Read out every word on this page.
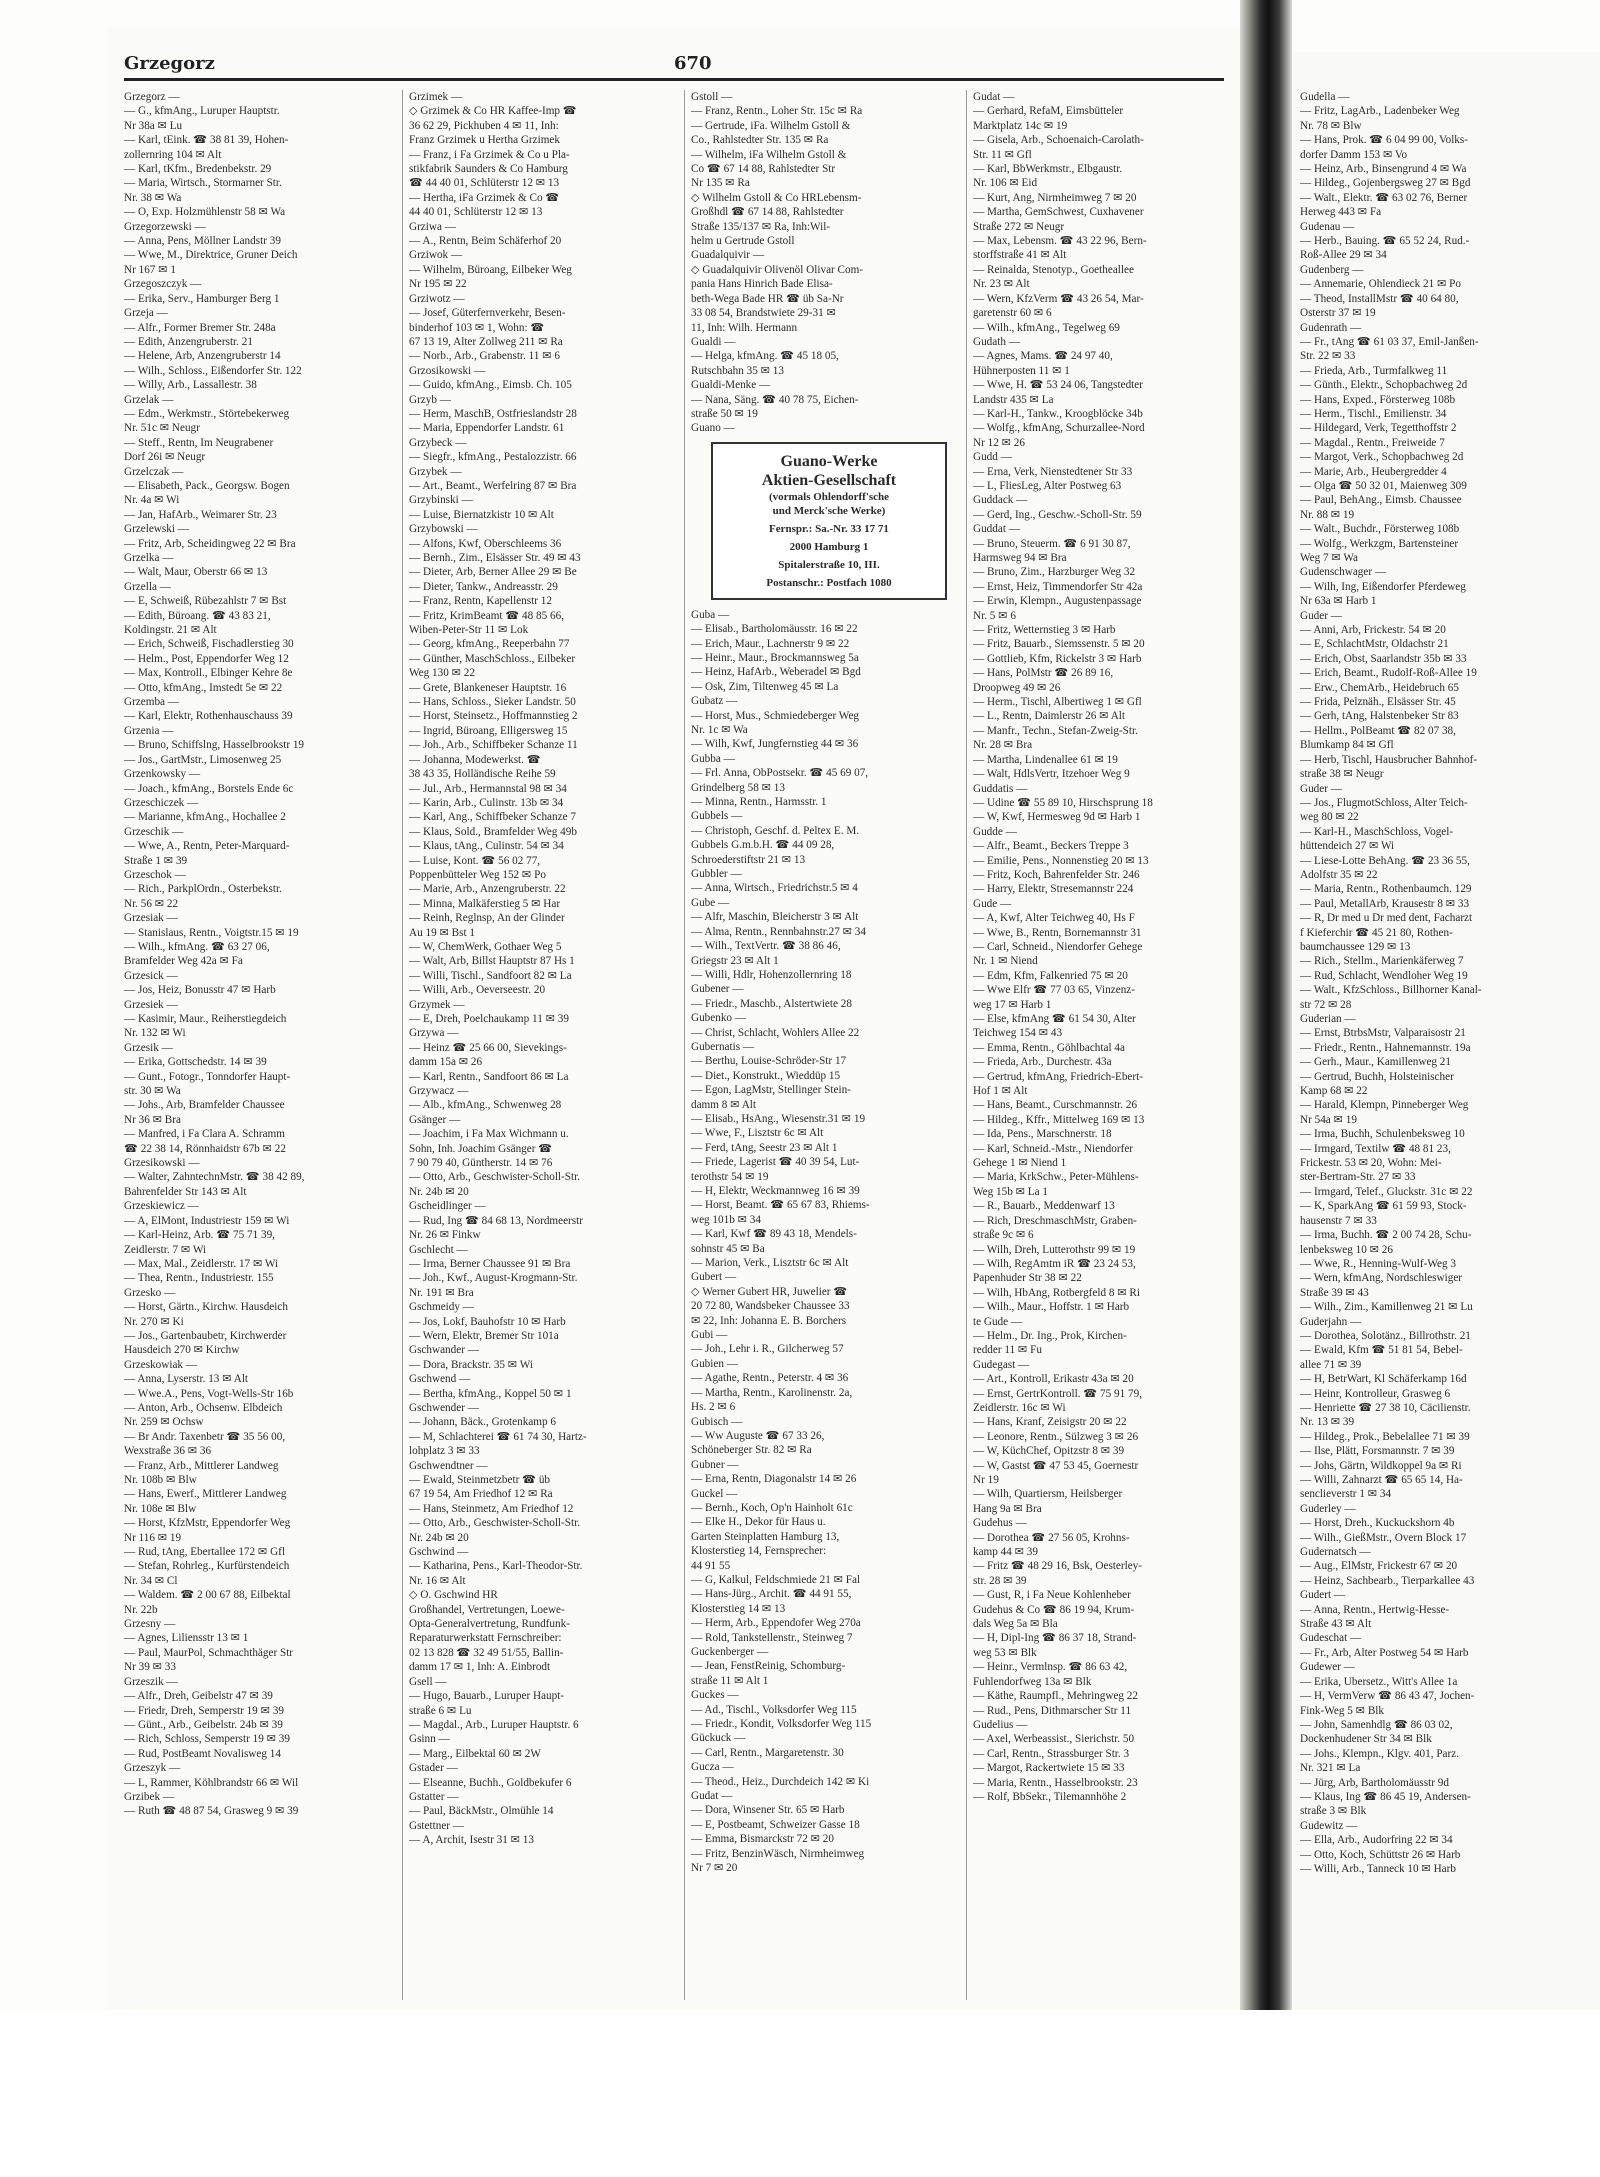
Grzegorz	670
Grzegorz —
— G., kfmAng., Luruper Hauptstr.
Nr 38a ✉ Lu
— Karl, tEink. ☎ 38 81 39, Hohen-
zollernring 104 ✉ Alt
— Karl, tKfm., Bredenbekstr. 29
— Maria, Wirtsch., Stormarner Str.
Nr. 38 ✉ Wa
— O, Exp. Holzmühlenstr 58 ✉ Wa
Grzegorzewski —
— Anna, Pens, Möllner Landstr 39
— Wwe, M., Direktrice, Gruner Deich
Nr 167 ✉ 1
Grzegoszczyk —
— Erika, Serv., Hamburger Berg 1
Grzeja —
— Alfr., Former Bremer Str. 248a
— Edith, Anzengruberstr. 21
— Helene, Arb, Anzengruberstr 14
— Wilh., Schloss., Eißendorfer Str. 122
— Willy, Arb., Lassallestr. 38
Grzelak —
— Edm., Werkmstr., Störtebekerweg
Nr. 51c ✉ Neugr
— Steff., Rentn, Im Neugrabener
Dorf 26i ✉ Neugr
Grzelczak —
— Elisabeth, Pack., Georgsw. Bogen
Nr. 4a ✉ Wi
— Jan, HafArb., Weimarer Str. 23
Grzelewski —
— Fritz, Arb, Scheidingweg 22 ✉ Bra
Grzelka —
— Walt, Maur, Oberstr 66 ✉ 13
Grzella —
— E, Schweiß, Rübezahlstr 7 ✉ Bst
— Edith, Büroang. ☎ 43 83 21,
Koldingstr. 21 ✉ Alt
— Erich, Schweiß, Fischadlerstieg 30
— Helm., Post, Eppendorfer Weg 12
— Max, Kontroll., Elbinger Kehre 8e
— Otto, kfmAng., Imstedt 5e ✉ 22
Grzemba —
— Karl, Elektr, Rothenhauschauss 39
Grzenia —
— Bruno, Schiffslng, Hasselbrookstr 19
— Jos., GartMstr., Limosenweg 25
Grzenkowsky —
— Joach., kfmAng., Borstels Ende 6c
Grzeschiczek —
— Marianne, kfmAng., Hochallee 2
Grzeschik —
— Wwe, A., Rentn, Peter-Marquard-
Straße 1 ✉ 39
Grzeschok —
— Rich., ParkplOrdn., Osterbekstr.
Nr. 56 ✉ 22
Grzesiak —
— Stanislaus, Rentn., Voigtstr.15 ✉ 19
— Wilh., kfmAng. ☎ 63 27 06,
Bramfelder Weg 42a ✉ Fa
Grzesick —
— Jos, Heiz, Bonusstr 47 ✉ Harb
Grzesiek —
— Kasimir, Maur., Reiherstiegdeich
Nr. 132 ✉ Wi
Grzesik —
— Erika, Gottschedstr. 14 ✉ 39
— Gunt., Fotogr., Tonndorfer Haupt-
str. 30 ✉ Wa
— Johs., Arb, Bramfelder Chaussee
Nr 36 ✉ Bra
— Manfred, i Fa Clara A. Schramm
☎ 22 38 14, Rönnhaidstr 67b ✉ 22
Grzesikowski —
— Walter, ZahntechnMstr. ☎ 38 42 89,
Bahrenfelder Str 143 ✉ Alt
Grzeskiewicz —
— A, ElMont, Industriestr 159 ✉ Wi
— Karl-Heinz, Arb. ☎ 75 71 39,
Zeidlerstr. 7 ✉ Wi
— Max, Mal., Zeidlerstr. 17 ✉ Wi
— Thea, Rentn., Industriestr. 155
Grzesko —
— Horst, Gärtn., Kirchw. Hausdeich
Nr. 270 ✉ Ki
— Jos., Gartenbaubetr, Kirchwerder
Hausdeich 270 ✉ Kirchw
Grzeskowiak —
— Anna, Lyserstr. 13 ✉ Alt
— Wwe.A., Pens, Vogt-Wells-Str 16b
— Anton, Arb., Ochsenw. Elbdeich
Nr. 259 ✉ Ochsw
— Br Andr. Taxenbetr ☎ 35 56 00,
Wexstraße 36 ✉ 36
— Franz, Arb., Mittlerer Landweg
Nr. 108b ✉ Blw
— Hans, Ewerf., Mittlerer Landweg
Nr. 108e ✉ Blw
— Horst, KfzMstr, Eppendorfer Weg
Nr 116 ✉ 19
— Rud, tAng, Ebertallee 172 ✉ Gfl
— Stefan, Rohrleg., Kurfürstendeich
Nr. 34 ✉ Cl
— Waldem. ☎ 2 00 67 88, Eilbektal
Nr. 22b
Grzesny —
— Agnes, Liliensstr 13 ✉ 1
— Paul, MaurPol, Schmachthäger Str
Nr 39 ✉ 33
Grzeszik —
— Alfr., Dreh, Geibelstr 47 ✉ 39
— Friedr, Dreh, Semperstr 19 ✉ 39
— Günt., Arb., Geibelstr. 24b ✉ 39
— Rich, Schloss, Semperstr 19 ✉ 39
— Rud, PostBeamt Novalisweg 14
Grzeszyk —
— L, Rammer, Köhlbrandstr 66 ✉ Wil
Grzibek —
— Ruth ☎ 48 87 54, Grasweg 9 ✉ 39
Grzimek —
◇ Grzimek & Co HR Kaffee-Imp ☎
36 62 29, Pickhuben 4 ✉ 11, Inh:
Franz Grzimek u Hertha Grzimek
— Franz, i Fa Grzimek & Co u Pla-
stikfabrik Saunders & Co Hamburg
☎ 44 40 01, Schlüterstr 12 ✉ 13
— Hertha, iFa Grzimek & Co ☎
44 40 01, Schlüterstr 12 ✉ 13
Grziwa —
— A., Rentn, Beim Schäferhof 20
Grziwok —
— Wilhelm, Büroang, Eilbeker Weg
Nr 195 ✉ 22
Grziwotz —
— Josef, Güterfernverkehr, Besen-
binderhof 103 ✉ 1, Wohn: ☎
67 13 19, Alter Zollweg 211 ✉ Ra
— Norb., Arb., Grabenstr. 11 ✉ 6
Grzosikowski —
— Guido, kfmAng., Eimsb. Ch. 105
Grzyb —
— Herm, MaschB, Ostfrieslandstr 28
— Maria, Eppendorfer Landstr. 61
Grzybeck —
— Siegfr., kfmAng., Pestalozzistr. 66
Grzybek —
— Art., Beamt., Werfelring 87 ✉ Bra
Grzybinski —
— Luise, Biernatzkistr 10 ✉ Alt
Grzybowski —
— Alfons, Kwf, Oberschleems 36
— Bernh., Zim., Elsässer Str. 49 ✉ 43
— Dieter, Arb, Berner Allee 29 ✉ Be
— Dieter, Tankw., Andreasstr. 29
— Franz, Rentn, Kapellenstr 12
— Fritz, KrimBeamt ☎ 48 85 66,
Wiben-Peter-Str 11 ✉ Lok
— Georg, kfmAng., Reeperbahn 77
— Günther, MaschSchloss., Eilbeker
Weg 130 ✉ 22
— Grete, Blankeneser Hauptstr. 16
— Hans, Schloss., Sieker Landstr. 50
— Horst, Steinsetz., Hoffmannstieg 2
— Ingrid, Büroang, Elligersweg 15
— Joh., Arb., Schiffbeker Schanze 11
— Johanna, Modewerkst. ☎
38 43 35, Holländische Reihe 59
— Jul., Arb., Hermannstal 98 ✉ 34
— Karin, Arb., Culinstr. 13b ✉ 34
— Karl, Ang., Schiffbeker Schanze 7
— Klaus, Sold., Bramfelder Weg 49b
— Klaus, tAng., Culinstr. 54 ✉ 34
— Luise, Kont. ☎ 56 02 77,
Poppenbütteler Weg 152 ✉ Po
— Marie, Arb., Anzengruberstr. 22
— Minna, Malkäferstieg 5 ✉ Har
— Reinh, Reglnsp, An der Glinder
Au 19 ✉ Bst 1
— W, ChemWerk, Gothaer Weg 5
— Walt, Arb, Billst Hauptstr 87 Hs 1
— Willi, Tischl., Sandfoort 82 ✉ La
— Willi, Arb., Oeverseestr. 20
Grzymek —
— E, Dreh, Poelchaukamp 11 ✉ 39
Grzywa —
— Heinz ☎ 25 66 00, Sievekings-
damm 15a ✉ 26
— Karl, Rentn., Sandfoort 86 ✉ La
Grzywacz —
— Alb., kfmAng., Schwenweg 28
Gsänger —
— Joachim, i Fa Max Wichmann u.
Sohn, Inh. Joachim Gsänger ☎
7 90 79 40, Güntherstr. 14 ✉ 76
— Otto, Arb., Geschwister-Scholl-Str.
Nr. 24b ✉ 20
Gscheidlinger —
— Rud, Ing ☎ 84 68 13, Nordmeerstr
Nr. 26 ✉ Finkw
Gschlecht —
— Irma, Berner Chaussee 91 ✉ Bra
— Joh., Kwf., August-Krogmann-Str.
Nr. 191 ✉ Bra
Gschmeidy —
— Jos, Lokf, Bauhofstr 10 ✉ Harb
— Wern, Elektr, Bremer Str 101a
Gschwander —
— Dora, Brackstr. 35 ✉ Wi
Gschwend —
— Bertha, kfmAng., Koppel 50 ✉ 1
Gschwender —
— Johann, Bäck., Grotenkamp 6
— M, Schlachterei ☎ 61 74 30, Hartz-
lohplatz 3 ✉ 33
Gschwendtner —
— Ewald, Steinmetzbetr ☎ üb
67 19 54, Am Friedhof 12 ✉ Ra
— Hans, Steinmetz, Am Friedhof 12
— Otto, Arb., Geschwister-Scholl-Str.
Nr. 24b ✉ 20
Gschwind —
— Katharina, Pens., Karl-Theodor-Str.
Nr. 16 ✉ Alt
◇ O. Gschwind HR
Großhandel, Vertretungen, Loewe-
Opta-Generalvertretung, Rundfunk-
Reparaturwerkstatt Fernschreiber:
02 13 828 ☎ 32 49 51/55, Ballin-
damm 17 ✉ 1, Inh: A. Einbrodt
Gsell —
— Hugo, Bauarb., Luruper Haupt-
straße 6 ✉ Lu
— Magdal., Arb., Luruper Hauptstr. 6
Gsinn —
— Marg., Eilbektal 60 ✉ 2W
Gstader —
— Elseanne, Buchh., Goldbekufer 6
Gstatter —
— Paul, BäckMstr., Olmühle 14
Gstettner —
— A, Archit, Isestr 31 ✉ 13
Gstoll —
— Franz, Rentn., Loher Str. 15c ✉ Ra
— Gertrude, iFa. Wilhelm Gstoll &
Co., Rahlstedter Str. 135 ✉ Ra
— Wilhelm, iFa Wilhelm Gstoll &
Co ☎ 67 14 88, Rahlstedter Str
Nr 135 ✉ Ra
◇ Wilhelm Gstoll & Co HRLebensm-
Großhdl ☎ 67 14 88, Rahlstedter
Straße 135/137 ✉ Ra, Inh:Wil-
helm u Gertrude Gstoll
Guadalquivir —
◇ Guadalquivir Olivenöl Olivar Com-
pania Hans Hinrich Bade Elisa-
beth-Wega Bade HR ☎ üb Sa-Nr
33 08 54, Brandstwiete 29-31 ✉
11, Inh: Wilh. Hermann
Gualdi —
— Helga, kfmAng. ☎ 45 18 05,
Rutschbahn 35 ✉ 13
Gualdi-Menke —
— Nana, Säng. ☎ 40 78 75, Eichen-
straße 50 ✉ 19
Guano —
Guano-Werke
Aktien-Gesellschaft
(vormals Ohlendorff'sche
und Merck'sche Werke)
Fernspr.: Sa.-Nr. 33 17 71
2000 Hamburg 1
Spitalerstraße 10, III.
Postanschr.: Postfach 1080
Guba —
— Elisab., Bartholomäusstr. 16 ✉ 22
— Erich, Maur., Lachnerstr 9 ✉ 22
— Heinr., Maur., Brockmannsweg 5a
— Heinz, HafArb., Weberadel ✉ Bgd
— Osk, Zim, Tiltenweg 45 ✉ La
Gubatz —
— Horst, Mus., Schmiedeberger Weg
Nr. 1c ✉ Wa
— Wilh, Kwf, Jungfernstieg 44 ✉ 36
Gubba —
— Frl. Anna, ObPostsekr. ☎ 45 69 07,
Grindelberg 58 ✉ 13
— Minna, Rentn., Harmsstr. 1
Gubbels —
— Christoph, Geschf. d. Peltex E. M.
Gubbels G.m.b.H. ☎ 44 09 28,
Schroederstiftstr 21 ✉ 13
Gubbler —
— Anna, Wirtsch., Friedrichstr.5 ✉ 4
Gube —
— Alfr, Maschin, Bleicherstr 3 ✉ Alt
— Alma, Rentn., Rennbahnstr.27 ✉ 34
— Wilh., TextVertr. ☎ 38 86 46,
Griegstr 23 ✉ Alt 1
— Willi, Hdlr, Hohenzollernring 18
Gubener —
— Friedr., Maschb., Alstertwiete 28
Gubenko —
— Christ, Schlacht, Wohlers Allee 22
Gubernatis —
— Berthu, Louise-Schröder-Str 17
— Diet., Konstrukt., Wieddüp 15
— Egon, LagMstr, Stellinger Stein-
damm 8 ✉ Alt
— Elisab., HsAng., Wiesenstr.31 ✉ 19
— Wwe, F., Lisztstr 6c ✉ Alt
— Ferd, tAng, Seestr 23 ✉ Alt 1
— Friede, Lagerist ☎ 40 39 54, Lut-
terothstr 54 ✉ 19
— H, Elektr, Weckmannweg 16 ✉ 39
— Horst, Beamt. ☎ 65 67 83, Rhiems-
weg 101b ✉ 34
— Karl, Kwf ☎ 89 43 18, Mendels-
sohnstr 45 ✉ Ba
— Marion, Verk., Lisztstr 6c ✉ Alt
Gubert —
◇ Werner Gubert HR, Juwelier ☎
20 72 80, Wandsbeker Chaussee 33
✉ 22, Inh: Johanna E. B. Borchers
Gubi —
— Joh., Lehr i. R., Gilcherweg 57
Gubien —
— Agathe, Rentn., Peterstr. 4 ✉ 36
— Martha, Rentn., Karolinenstr. 2a,
Hs. 2 ✉ 6
Gubisch —
— Ww Auguste ☎ 67 33 26,
Schöneberger Str. 82 ✉ Ra
Gubner —
— Erna, Rentn, Diagonalstr 14 ✉ 26
Guckel —
— Bernh., Koch, Op'n Hainholt 61c
— Elke H., Dekor für Haus u.
Garten Steinplatten Hamburg 13,
Klosterstieg 14, Fernsprecher:
44 91 55
— G, Kalkul, Feldschmiede 21 ✉ Fal
— Hans-Jürg., Archit. ☎ 44 91 55,
Klosterstieg 14 ✉ 13
— Herm, Arb., Eppendofer Weg 270a
— Rold, Tankstellenstr., Steinweg 7
Guckenberger —
— Jean, FenstReinig, Schomburg-
straße 11 ✉ Alt 1
Guckes —
— Ad., Tischl., Volksdorfer Weg 115
— Friedr., Kondit, Volksdorfer Weg 115
Gückuck —
— Carl, Rentn., Margaretenstr. 30
Gucza —
— Theod., Heiz., Durchdeich 142 ✉ Ki
Gudat —
— Dora, Winsener Str. 65 ✉ Harb
— E, Postbeamt, Schweizer Gasse 18
— Emma, Bismarckstr 72 ✉ 20
— Fritz, BenzinWäsch, Nirmheimweg
Nr 7 ✉ 20
Gudat —
— Gerhard, RefaM, Eimsbütteler
Marktplatz 14c ✉ 19
— Gisela, Arb., Schoenaich-Carolath-
Str. 11 ✉ Gfl
— Karl, BbWerkmstr., Elbgaustr.
Nr. 106 ✉ Eid
— Kurt, Ang, Nirmheimweg 7 ✉ 20
— Martha, GemSchwest, Cuxhavener
Straße 272 ✉ Neugr
— Max, Lebensm. ☎ 43 22 96, Bern-
storffstraße 41 ✉ Alt
— Reinalda, Stenotyp., Goetheallee
Nr. 23 ✉ Alt
— Wern, KfzVerm ☎ 43 26 54, Mar-
garetenstr 60 ✉ 6
— Wilh., kfmAng., Tegelweg 69
Gudath —
— Agnes, Mams. ☎ 24 97 40,
Hühnerposten 11 ✉ 1
— Wwe, H. ☎ 53 24 06, Tangstedter
Landstr 435 ✉ La
— Karl-H., Tankw., Kroogblöcke 34b
— Wolfg., kfmAng, Schurzallee-Nord
Nr 12 ✉ 26
Gudd —
— Erna, Verk, Nienstedtener Str 33
— L, FliesLeg, Alter Postweg 63
Guddack —
— Gerd, Ing., Geschw.-Scholl-Str. 59
Guddat —
— Bruno, Steuerm. ☎ 6 91 30 87,
Harmsweg 94 ✉ Bra
— Bruno, Zim., Harzburger Weg 32
— Ernst, Heiz, Timmendorfer Str 42a
— Erwin, Klempn., Augustenpassage
Nr. 5 ✉ 6
— Fritz, Wetternstieg 3 ✉ Harb
— Fritz, Bauarb., Siemssenstr. 5 ✉ 20
— Gottlieb, Kfm, Rickelstr 3 ✉ Harb
— Hans, PolMstr ☎ 26 89 16,
Droopweg 49 ✉ 26
— Herm., Tischl, Albertiweg 1 ✉ Gfl
— L., Rentn, Daimlerstr 26 ✉ Alt
— Manfr., Techn., Stefan-Zweig-Str.
Nr. 28 ✉ Bra
— Martha, Lindenallee 61 ✉ 19
— Walt, HdlsVertr, Itzehoer Weg 9
Guddatis —
— Udine ☎ 55 89 10, Hirschsprung 18
— W, Kwf, Hermesweg 9d ✉ Harb 1
Gudde —
— Alfr., Beamt., Beckers Treppe 3
— Emilie, Pens., Nonnenstieg 20 ✉ 13
— Fritz, Koch, Bahrenfelder Str. 246
— Harry, Elektr, Stresemannstr 224
Gude —
— A, Kwf, Alter Teichweg 40, Hs F
— Wwe, B., Rentn, Bornemannstr 31
— Carl, Schneid., Niendorfer Gehege
Nr. 1 ✉ Niend
— Edm, Kfm, Falkenried 75 ✉ 20
— Wwe Elfr ☎ 77 03 65, Vinzenz-
weg 17 ✉ Harb 1
— Else, kfmAng ☎ 61 54 30, Alter
Teichweg 154 ✉ 43
— Emma, Rentn., Göhlbachtal 4a
— Frieda, Arb., Durchestr. 43a
— Gertrud, kfmAng, Friedrich-Ebert-
Hof 1 ✉ Alt
— Hans, Beamt., Curschmannstr. 26
— Hildeg., Kffr., Mittelweg 169 ✉ 13
— Ida, Pens., Marschnerstr. 18
— Karl, Schneid.-Mstr., Niendorfer
Gehege 1 ✉ Niend 1
— Maria, KrkSchw., Peter-Mühlens-
Weg 15b ✉ La 1
— R., Bauarb., Meddenwarf 13
— Rich, DreschmaschMstr, Graben-
straße 9c ✉ 6
— Wilh, Dreh, Lutterothstr 99 ✉ 19
— Wilh, RegAmtm iR ☎ 23 24 53,
Papenhuder Str 38 ✉ 22
— Wilh, HbAng, Rotbergfeld 8 ✉ Ri
— Wilh., Maur., Hoffstr. 1 ✉ Harb
te Gude —
— Helm., Dr. Ing., Prok, Kirchen-
redder 11 ✉ Fu
Gudegast —
— Art., Kontroll, Erikastr 43a ✉ 20
— Ernst, GertrKontroll. ☎ 75 91 79,
Zeidlerstr. 16c ✉ Wi
— Hans, Kranf, Zeisigstr 20 ✉ 22
— Leonore, Rentn., Sülzweg 3 ✉ 26
— W, KüchChef, Opitzstr 8 ✉ 39
— W, Gastst ☎ 47 53 45, Goernestr
Nr 19
— Wilh, Quartiersm, Heilsberger
Hang 9a ✉ Bra
Gudehus —
— Dorothea ☎ 27 56 05, Krohns-
kamp 44 ✉ 39
— Fritz ☎ 48 29 16, Bsk, Oesterley-
str. 28 ✉ 39
— Gust, R, i Fa Neue Kohlenheber
Gudehus & Co ☎ 86 19 94, Krum-
dals Weg 5a ✉ Bla
— H, Dipl-Ing ☎ 86 37 18, Strand-
weg 53 ✉ Blk
— Heinr., Vermlnsp. ☎ 86 63 42,
Fuhlendorfweg 13a ✉ Blk
— Käthe, Raumpfl., Mehringweg 22
— Rud., Pens, Dithmarscher Str 11
Gudelius —
— Axel, Werbeassist., Sierichstr. 50
— Carl, Rentn., Strassburger Str. 3
— Margot, Rackertwiete 15 ✉ 33
— Maria, Rentn., Hasselbrookstr. 23
— Rolf, BbSekr., Tilemannhöhe 2
Gudella —
— Fritz, LagArb., Ladenbeker Weg
Nr. 78 ✉ Blw
— Hans, Prok. ☎ 6 04 99 00, Volks-
dorfer Damm 153 ✉ Vo
— Heinz, Arb., Binsengrund 4 ✉ Wa
— Hildeg., Gojenbergsweg 27 ✉ Bgd
— Walt., Elektr. ☎ 63 02 76, Berner
Herweg 443 ✉ Fa
Gudenau —
— Herb., Bauing. ☎ 65 52 24, Rud.-
Roß-Allee 29 ✉ 34
Gudenberg —
— Annemarie, Ohlendieck 21 ✉ Po
— Theod, InstallMstr ☎ 40 64 80,
Osterstr 37 ✉ 19
Gudenrath —
— Fr., tAng ☎ 61 03 37, Emil-Janßen-
Str. 22 ✉ 33
— Frieda, Arb., Turmfalkweg 11
— Günth., Elektr., Schopbachweg 2d
— Hans, Exped., Försterweg 108b
— Herm., Tischl., Emilienstr. 34
— Hildegard, Verk, Tegetthoffstr 2
— Magdal., Rentn., Freiweide 7
— Margot, Verk., Schopbachweg 2d
— Marie, Arb., Heubergredder 4
— Olga ☎ 50 32 01, Maienweg 309
— Paul, BehAng., Eimsb. Chaussee
Nr. 88 ✉ 19
— Walt., Buchdr., Försterweg 108b
— Wolfg., Werkzgm, Bartensteiner
Weg 7 ✉ Wa
Gudenschwager —
— Wilh, Ing, Eißendorfer Pferdeweg
Nr 63a ✉ Harb 1
Guder —
— Anni, Arb, Frickestr. 54 ✉ 20
— E, SchlachtMstr, Oldachstr 21
— Erich, Obst, Saarlandstr 35b ✉ 33
— Erich, Beamt., Rudolf-Roß-Allee 19
— Erw., ChemArb., Heidebruch 65
— Frida, Pelznäh., Elsässer Str. 45
— Gerh, tAng, Halstenbeker Str 83
— Hellm., PolBeamt ☎ 82 07 38,
Blumkamp 84 ✉ Gfl
— Herb, Tischl, Hausbrucher Bahnhof-
straße 38 ✉ Neugr
Guder —
— Jos., FlugmotSchloss, Alter Teich-
weg 80 ✉ 22
— Karl-H., MaschSchloss, Vogel-
hüttendeich 27 ✉ Wi
— Liese-Lotte BehAng. ☎ 23 36 55,
Adolfstr 35 ✉ 22
— Maria, Rentn., Rothenbaumch. 129
— Paul, MetallArb, Krausestr 8 ✉ 33
— R, Dr med u Dr med dent, Facharzt
f Kieferchir ☎ 45 21 80, Rothen-
baumchaussee 129 ✉ 13
— Rich., Stellm., Marienkäferweg 7
— Rud, Schlacht, Wendloher Weg 19
— Walt., KfzSchloss., Billhorner Kanal-
str 72 ✉ 28
Guderian —
— Ernst, BtrbsMstr, Valparaisostr 21
— Friedr., Rentn., Hahnemannstr. 19a
— Gerh., Maur., Kamillenweg 21
— Gertrud, Buchh, Holsteinischer
Kamp 68 ✉ 22
— Harald, Klempn, Pinneberger Weg
Nr 54a ✉ 19
— Irma, Buchh, Schulenbeksweg 10
— Irmgard, Textilw ☎ 48 81 23,
Frickestr. 53 ✉ 20, Wohn: Mei-
ster-Bertram-Str. 27 ✉ 33
— Irmgard, Telef., Gluckstr. 31c ✉ 22
— K, SparkAng ☎ 61 59 93, Stock-
hausenstr 7 ✉ 33
— Irma, Buchh. ☎ 2 00 74 28, Schu-
lenbeksweg 10 ✉ 26
— Wwe, R., Henning-Wulf-Weg 3
— Wern, kfmAng, Nordschleswiger
Straße 39 ✉ 43
— Wilh., Zim., Kamillenweg 21 ✉ Lu
Guderjahn —
— Dorothea, Solotänz., Billrothstr. 21
— Ewald, Kfm ☎ 51 81 54, Bebel-
allee 71 ✉ 39
— H, BetrWart, Kl Schäferkamp 16d
— Heinr, Kontrolleur, Grasweg 6
— Henriette ☎ 27 38 10, Cäcilienstr.
Nr. 13 ✉ 39
— Hildeg., Prok., Bebelallee 71 ✉ 39
— Ilse, Plätt, Forsmannstr. 7 ✉ 39
— Johs, Gärtn, Wildkoppel 9a ✉ Ri
— Willi, Zahnarzt ☎ 65 65 14, Ha-
senclieverstr 1 ✉ 34
Guderley —
— Horst, Dreh., Kuckuckshorn 4b
— Wilh., GießMstr., Overn Block 17
Gudernatsch —
— Aug., ElMstr, Frickestr 67 ✉ 20
— Heinz, Sachbearb., Tierparkallee 43
Gudert —
— Anna, Rentn., Hertwig-Hesse-
Straße 43 ✉ Alt
Gudeschat —
— Fr., Arb, Alter Postweg 54 ✉ Harb
Gudewer —
— Erika, Ubersetz., Witt's Allee 1a
— H, VermVerw ☎ 86 43 47, Jochen-
Fink-Weg 5 ✉ Blk
— John, Samenhdlg ☎ 86 03 02,
Dockenhudener Str 34 ✉ Blk
— Johs., Klempn., Klgv. 401, Parz.
Nr. 321 ✉ La
— Jürg, Arb, Bartholomäusstr 9d
— Klaus, Ing ☎ 86 45 19, Andersen-
straße 3 ✉ Blk
Gudewitz —
— Ella, Arb., Audorfring 22 ✉ 34
— Otto, Koch, Schüttstr 26 ✉ Harb
— Willi, Arb., Tanneck 10 ✉ Harb
